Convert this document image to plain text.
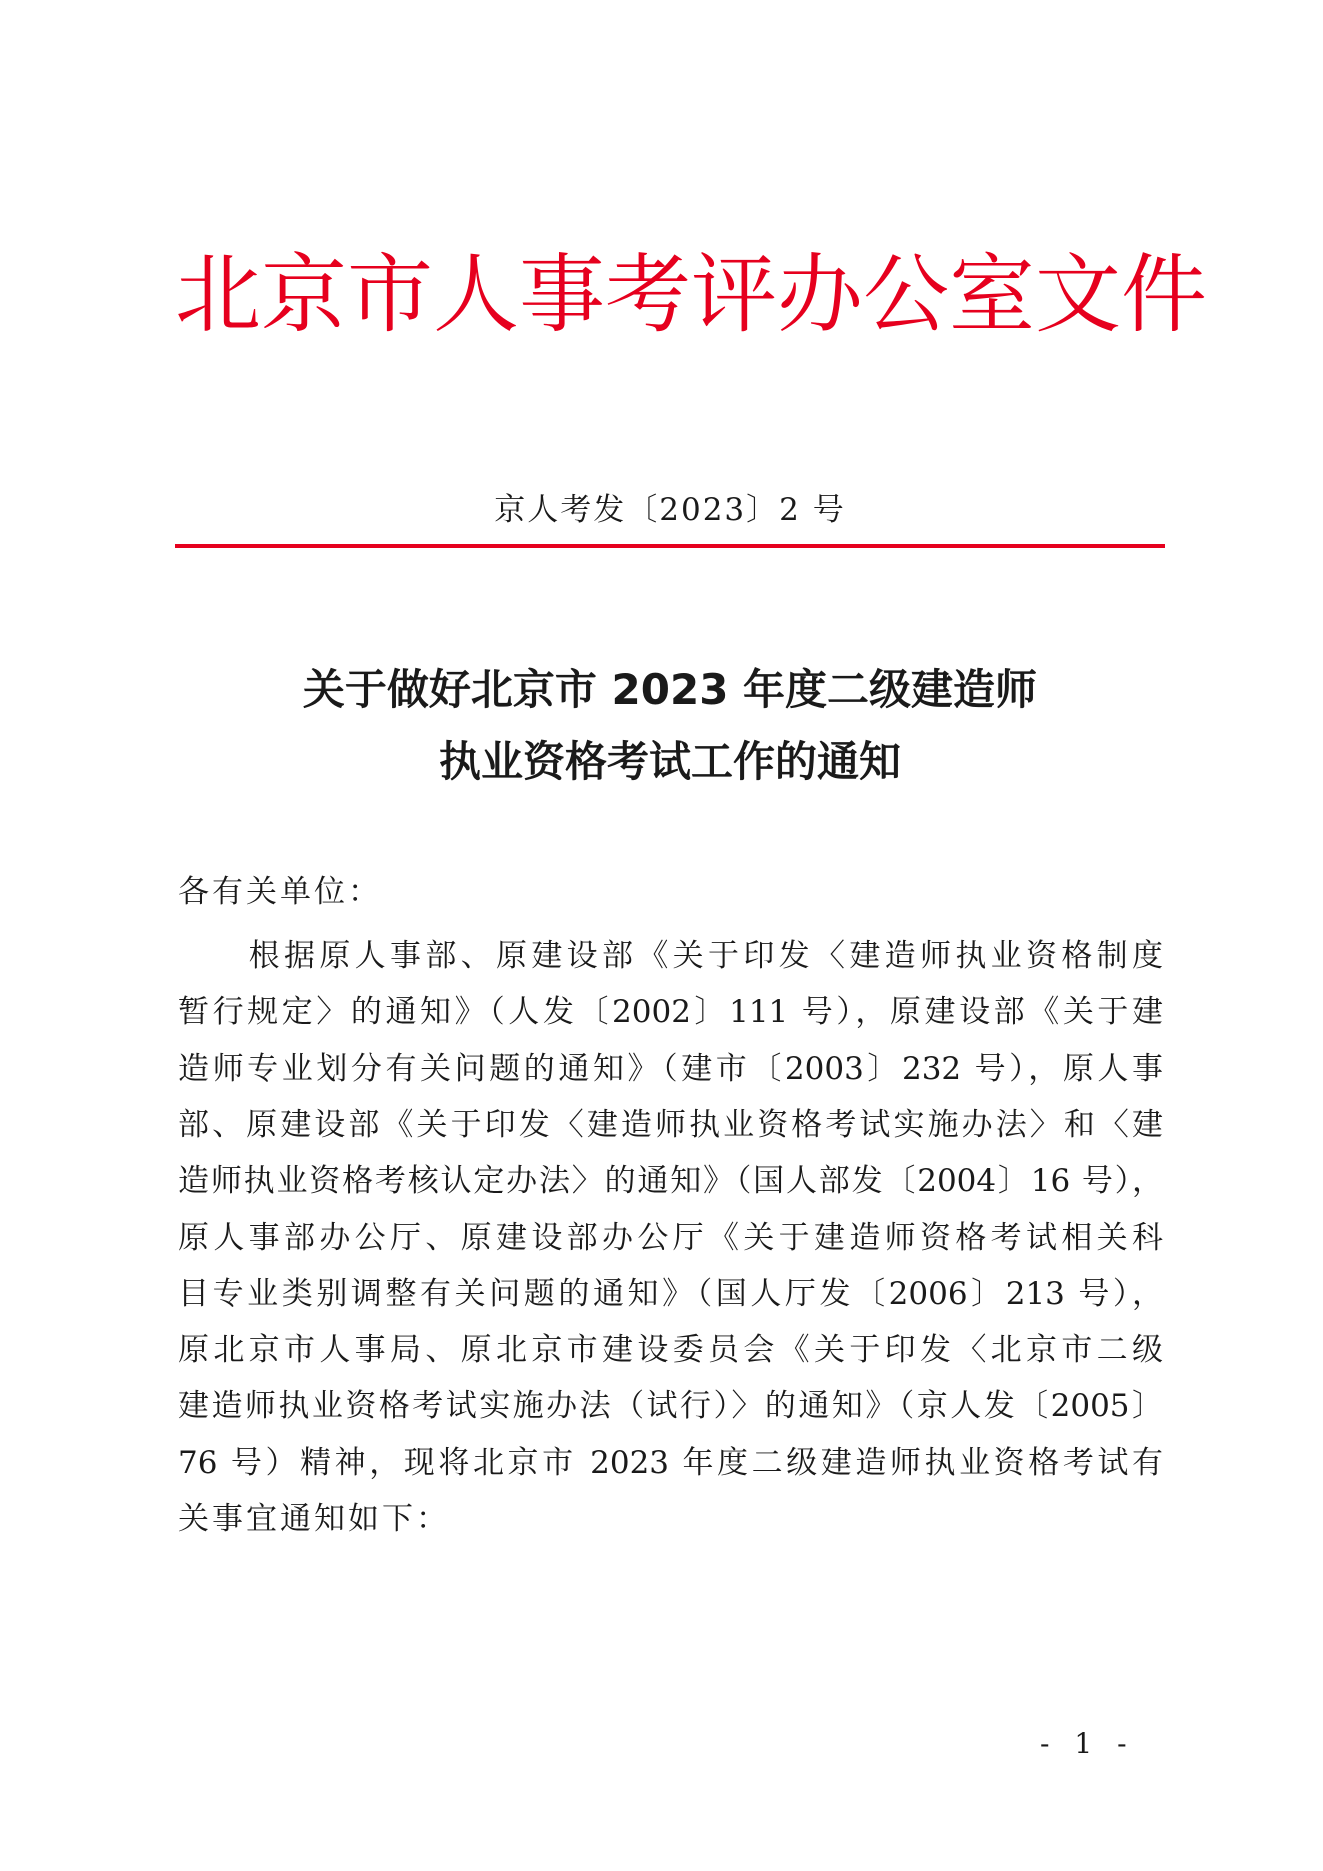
北京市人事考评办公室文件
京人考发〔2023〕2 号
关于做好北京市 2023 年度二级建造师
执业资格考试工作的通知
各有关单位：
　　根据原人事部、原建设部《关于印发〈建造师执业资格制度
暂行规定〉的通知》（人发〔2002〕111 号），原建设部《关于建
造师专业划分有关问题的通知》（建市〔2003〕232 号），原人事
部、原建设部《关于印发〈建造师执业资格考试实施办法〉和〈建
造师执业资格考核认定办法〉的通知》（国人部发〔2004〕16 号），
原人事部办公厅、原建设部办公厅《关于建造师资格考试相关科
目专业类别调整有关问题的通知》（国人厅发〔2006〕213 号），
原北京市人事局、原北京市建设委员会《关于印发〈北京市二级
建造师执业资格考试实施办法（试行）〉的通知》（京人发〔2005〕
76 号）精神，现将北京市 2023 年度二级建造师执业资格考试有
关事宜通知如下：
- 1 -
